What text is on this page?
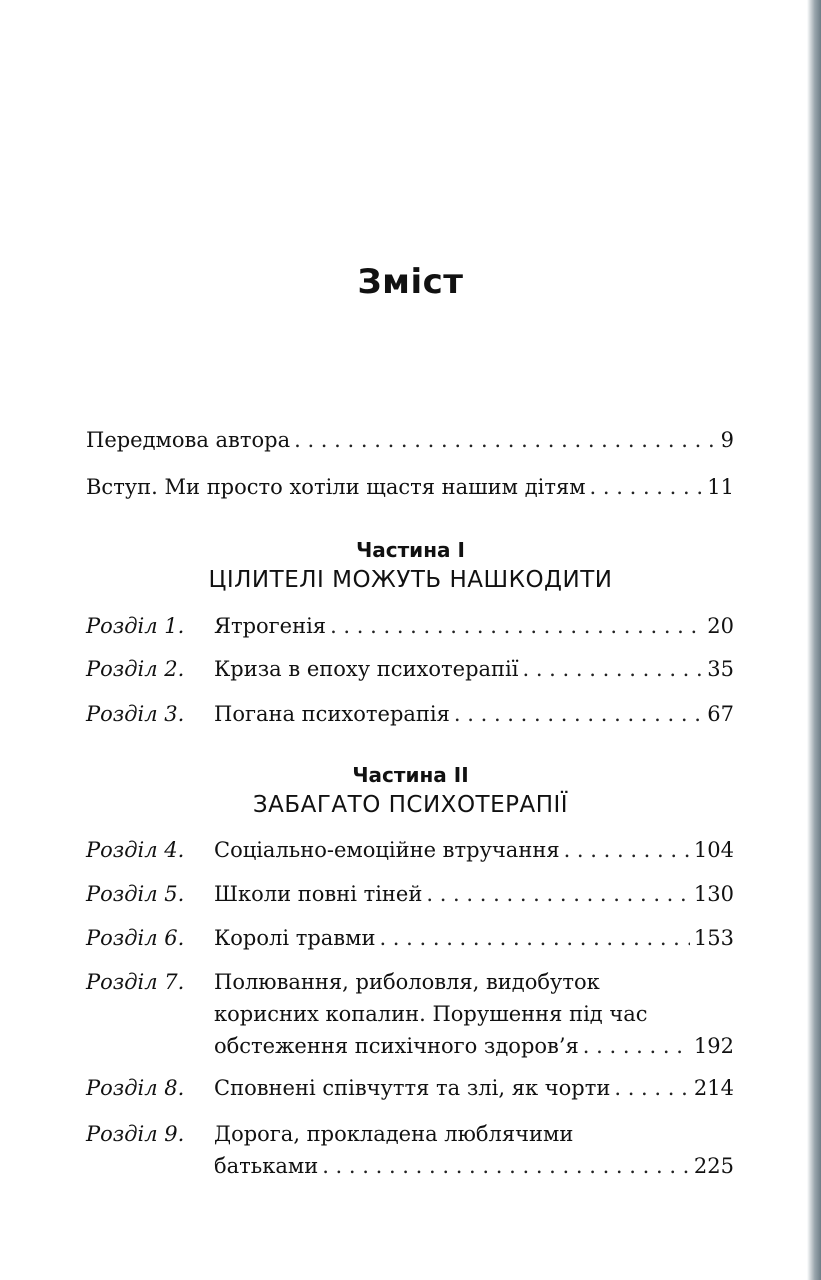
Зміст
Передмова автора . . .	9
Вступ. Ми просто хотіли щастя нашим дітям . . .	11
Частина I
ЦІЛИТЕЛІ МОЖУТЬ НАШКОДИТИ
Розділ 1. Ятрогенія . . .	20
Розділ 2. Криза в епоху психотерапії . . .	35
Розділ 3. Погана психотерапія . . .	67
Частина II
ЗАБАГАТО ПСИХОТЕРАПІЇ
Розділ 4. Соціально-емоційне втручання . . .	104
Розділ 5. Школи повні тіней . . .	130
Розділ 6. Королі травми . . .	153
Розділ 7. Полювання, риболовля, видобуток
корисних копалин. Порушення під час
обстеження психічного здоров’я . . .	192
Розділ 8. Сповнені співчуття та злі, як чорти . . .	214
Розділ 9. Дорога, прокладена люблячими
батьками . . .	225
